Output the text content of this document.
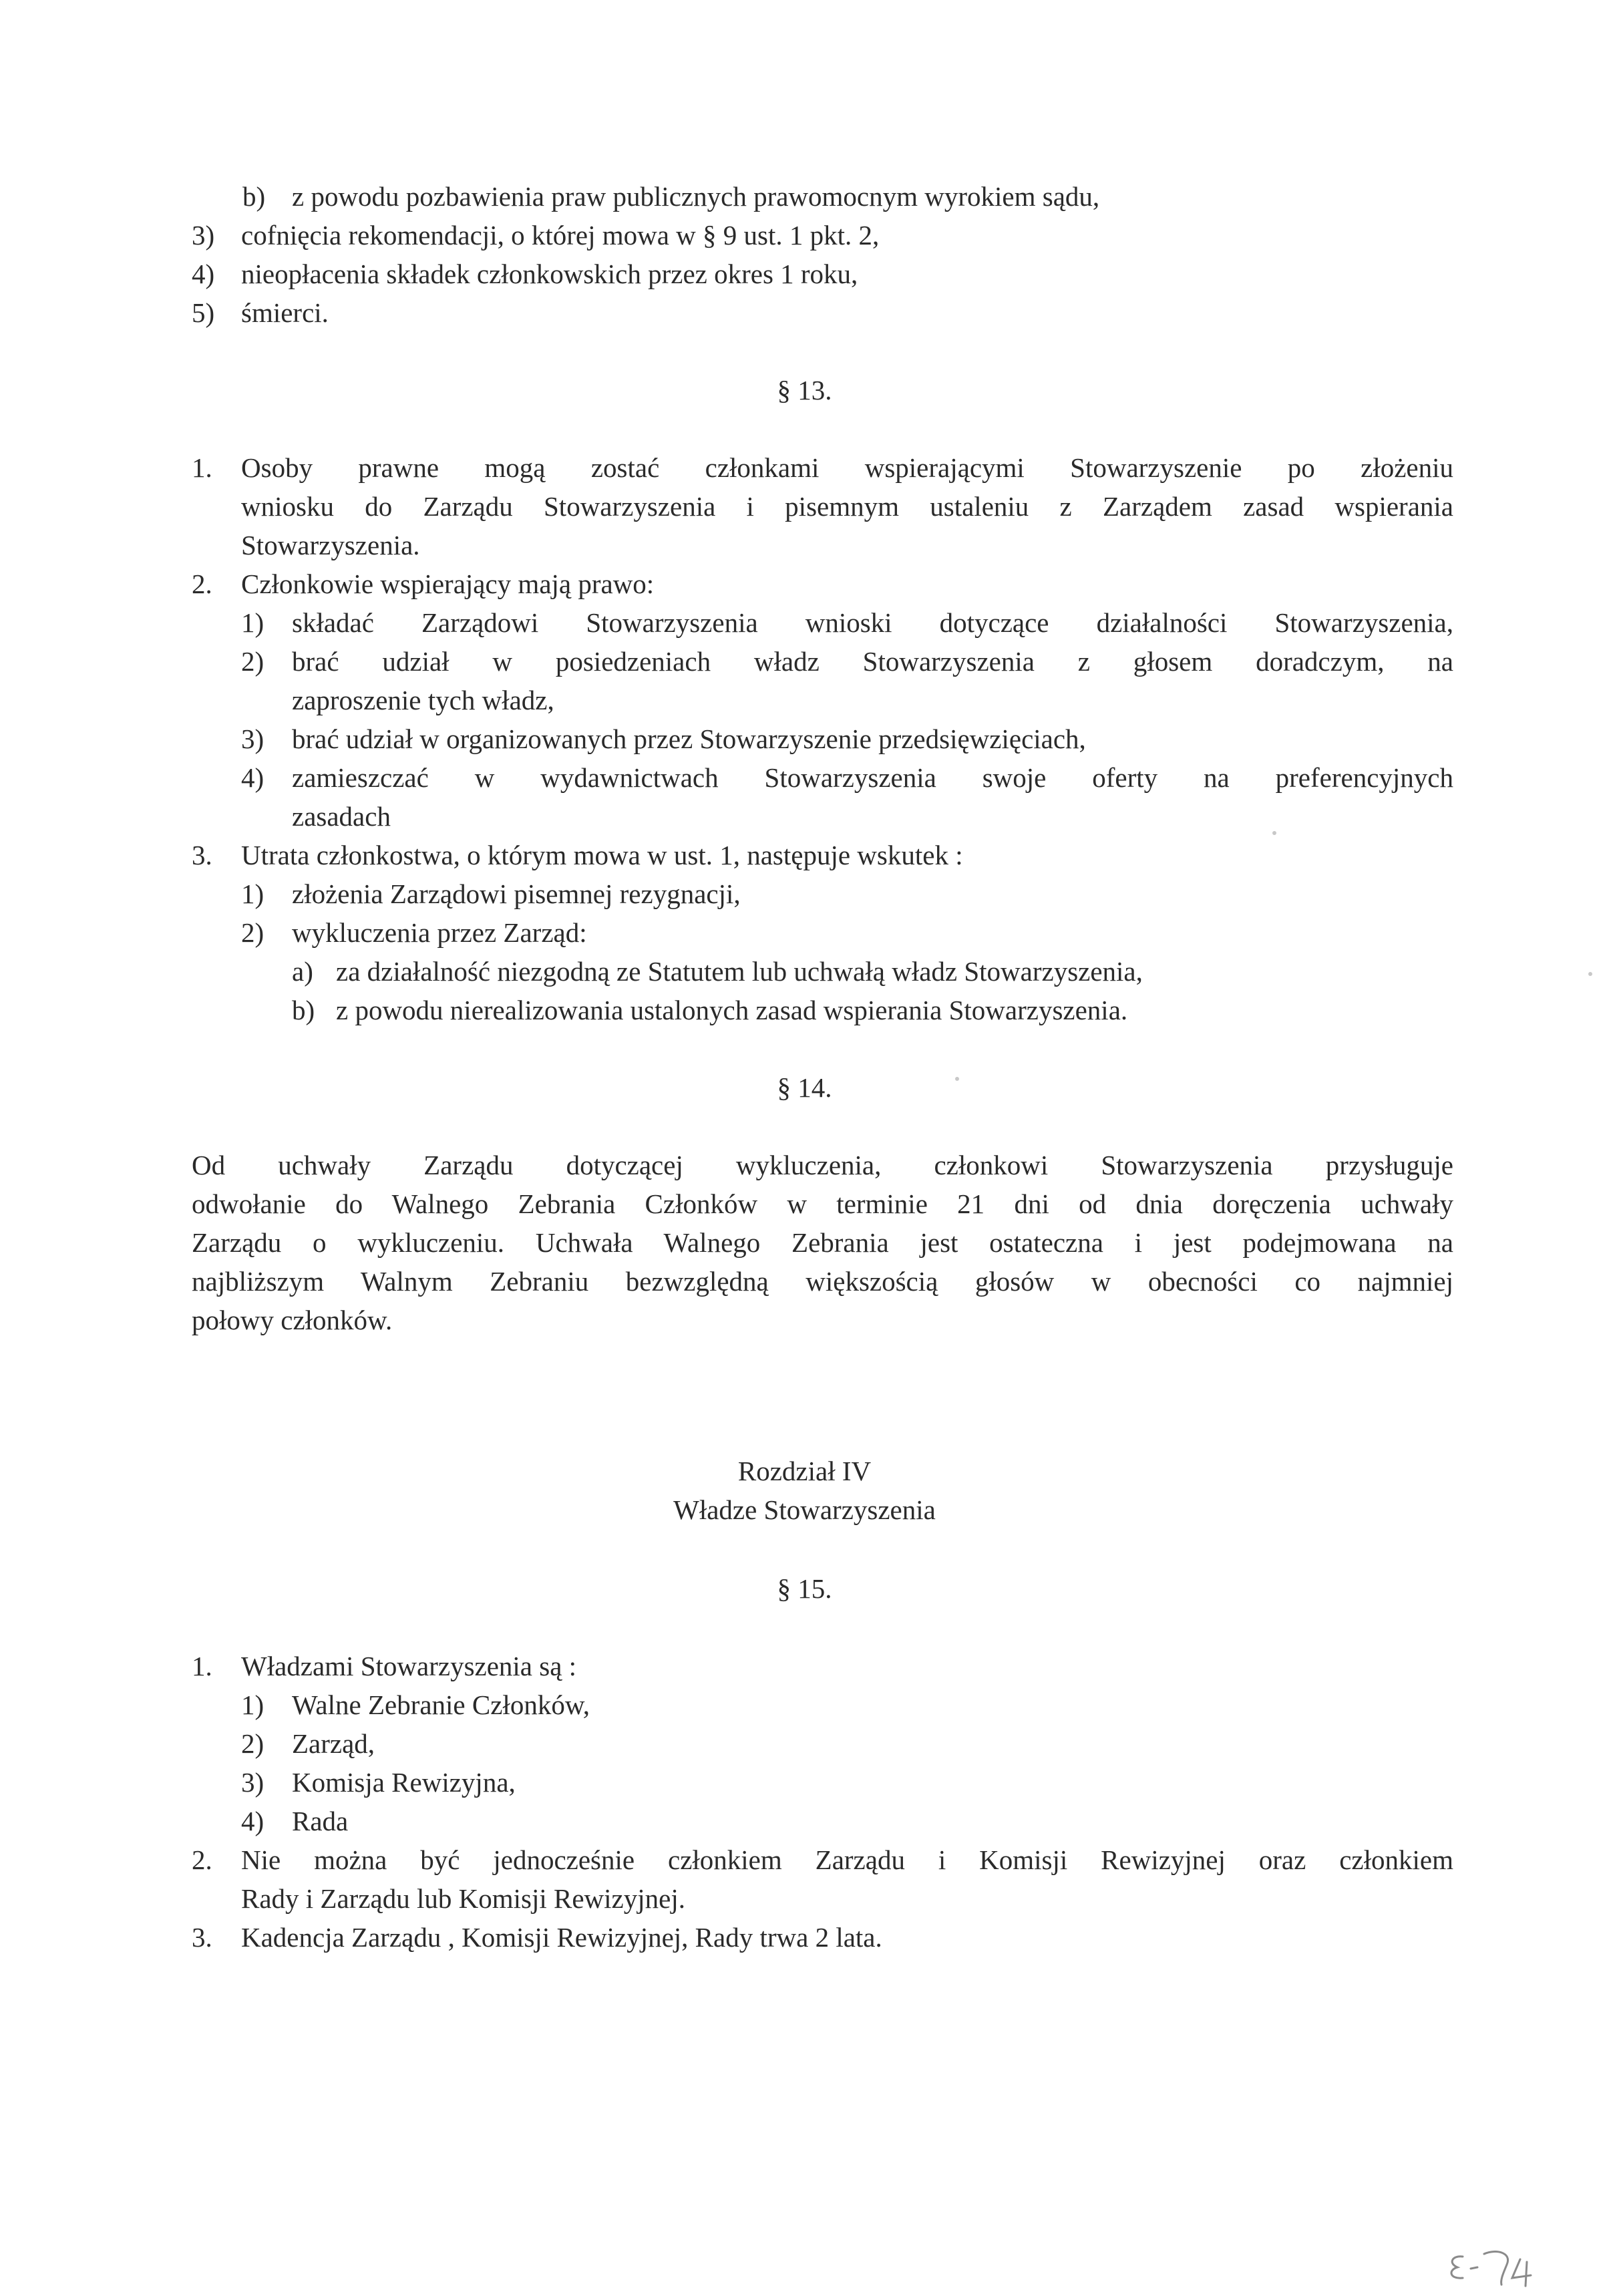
b) z powodu pozbawienia praw publicznych prawomocnym wyrokiem sądu,
3) cofnięcia rekomendacji, o której mowa w § 9 ust. 1 pkt. 2,
4) nieopłacenia składek członkowskich przez okres 1 roku,
5) śmierci.
§ 13.
1. Osoby prawne mogą zostać członkami wspierającymi Stowarzyszenie po złożeniu
wniosku do Zarządu Stowarzyszenia i pisemnym ustaleniu z Zarządem zasad wspierania
Stowarzyszenia.
2. Członkowie wspierający mają prawo:
1) składać Zarządowi Stowarzyszenia wnioski dotyczące działalności Stowarzyszenia,
2) brać udział w posiedzeniach władz Stowarzyszenia z głosem doradczym, na
zaproszenie tych władz,
3) brać udział w organizowanych przez Stowarzyszenie przedsięwzięciach,
4) zamieszczać w wydawnictwach Stowarzyszenia swoje oferty na preferencyjnych
zasadach
3. Utrata członkostwa, o którym mowa w ust. 1, następuje wskutek :
1) złożenia Zarządowi pisemnej rezygnacji,
2) wykluczenia przez Zarząd:
a) za działalność niezgodną ze Statutem lub uchwałą władz Stowarzyszenia,
b) z powodu nierealizowania ustalonych zasad wspierania Stowarzyszenia.
§ 14.
Od uchwały Zarządu dotyczącej wykluczenia, członkowi Stowarzyszenia przysługuje
odwołanie do Walnego Zebrania Członków w terminie 21 dni od dnia doręczenia uchwały
Zarządu o wykluczeniu. Uchwała Walnego Zebrania jest ostateczna i jest podejmowana na
najbliższym Walnym Zebraniu bezwzględną większością głosów w obecności co najmniej
połowy członków.
Rozdział IV
Władze Stowarzyszenia
§ 15.
1. Władzami Stowarzyszenia są :
1) Walne Zebranie Członków,
2) Zarząd,
3) Komisja Rewizyjna,
4) Rada
2. Nie można być jednocześnie członkiem Zarządu i Komisji Rewizyjnej oraz członkiem
Rady i Zarządu lub Komisji Rewizyjnej.
3. Kadencja Zarządu , Komisji Rewizyjnej, Rady trwa 2 lata.
